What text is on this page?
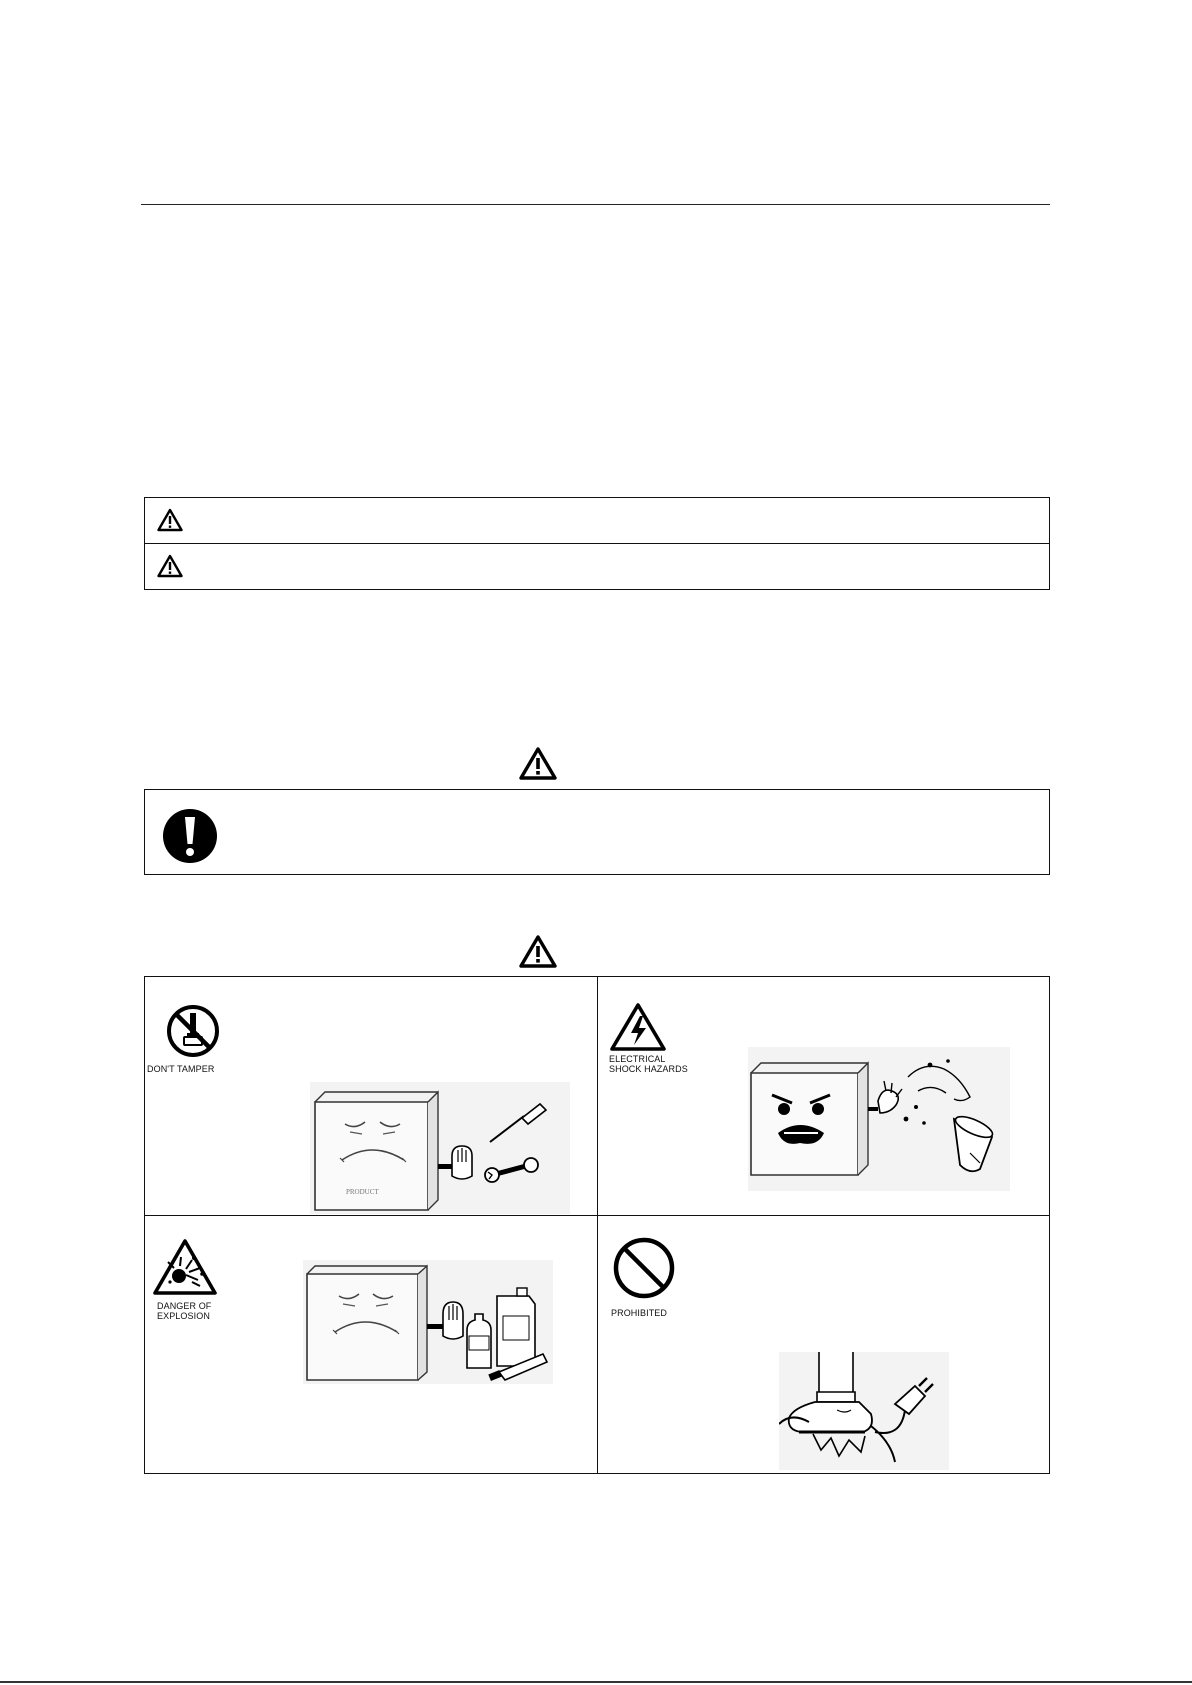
DON'T TAMPER
PRODUCT
ELECTRICAL
SHOCK HAZARDS
DANGER OF
EXPLOSION	PROHIBITED
